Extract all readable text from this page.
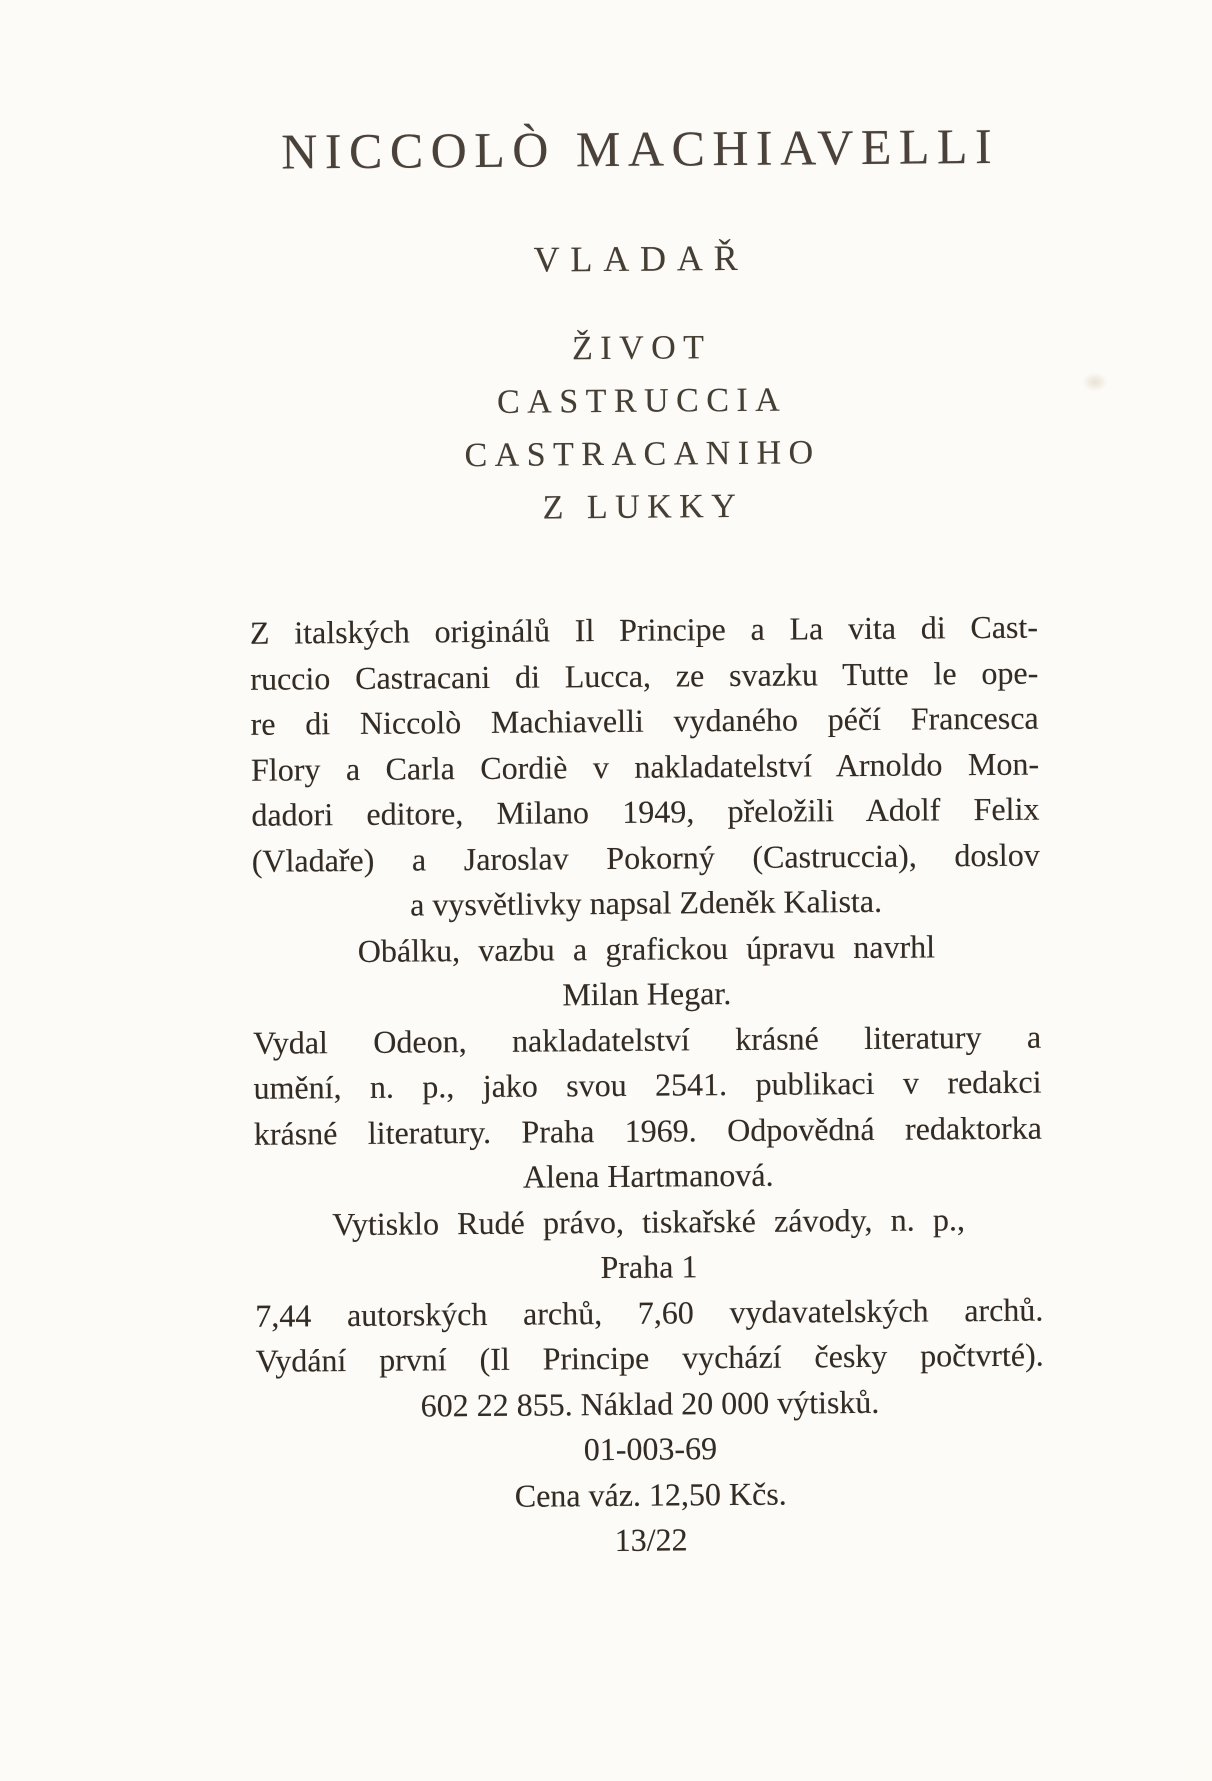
NICCOLÒ MACHIAVELLI
VLADAŘ
ŽIVOT
CASTRUCCIA
CASTRACANIHO
Z LUKKY
Z italských originálů Il Principe a La vita di Cast-
ruccio Castracani di Lucca, ze svazku Tutte le ope-
re di Niccolò Machiavelli vydaného péčí Francesca
Flory a Carla Cordiè v nakladatelství Arnoldo Mon-
dadori editore, Milano 1949, přeložili Adolf Felix
(Vladaře) a Jaroslav Pokorný (Castruccia), doslov
a vysvětlivky napsal Zdeněk Kalista.
Obálku, vazbu a grafickou úpravu navrhl
Milan Hegar.
Vydal Odeon, nakladatelství krásné literatury a
umění, n. p., jako svou 2541. publikaci v redakci
krásné literatury. Praha 1969. Odpovědná redaktorka
Alena Hartmanová.
Vytisklo Rudé právo, tiskařské závody, n. p.,
Praha 1
7,44 autorských archů, 7,60 vydavatelských archů.
Vydání první (Il Principe vychází česky počtvrté).
602 22 855. Náklad 20 000 výtisků.
01-003-69
Cena váz. 12,50 Kčs.
13/22
